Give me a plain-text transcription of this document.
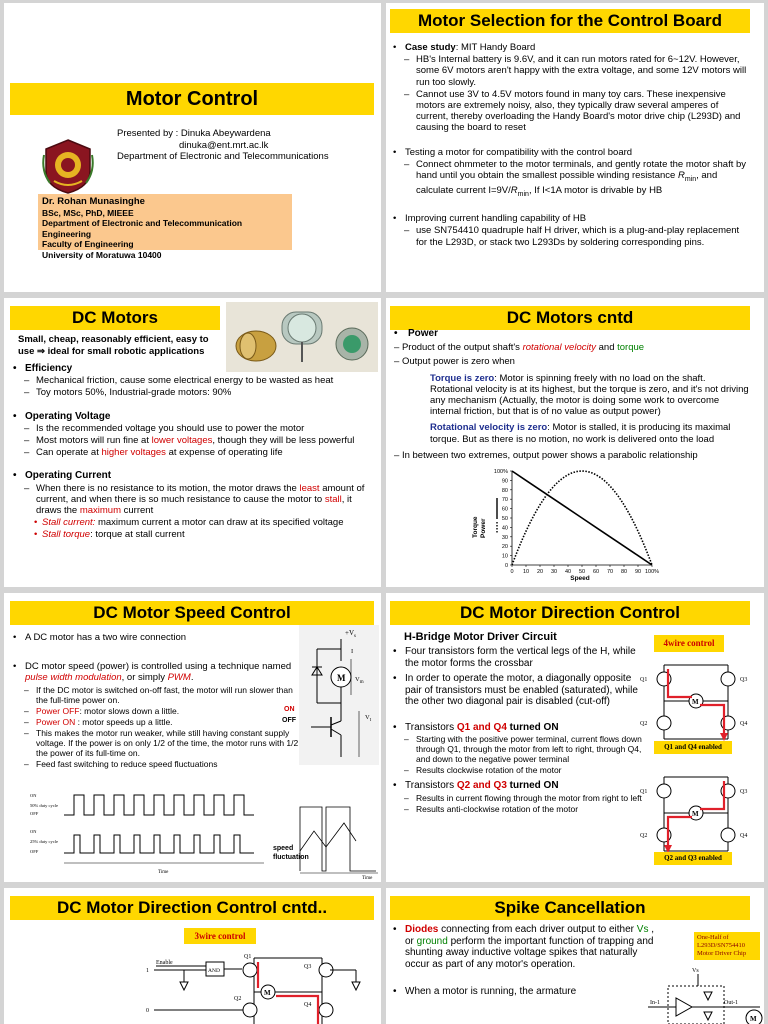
Motor Control
Presented by : Dinuka Abeywardena
dinuka@ent.mrt.ac.lk
Department of Electronic and Telecommunications
Dr. Rohan Munasinghe
BSc, MSc, PhD, MIEEE
Department of Electronic and Telecommunication Engineering
Faculty of Engineering
University of Moratuwa 10400
Motor Selection for the Control Board
• Case study: MIT Handy Board
– HB's Internal battery is 9.6V, and it can run motors rated for 6~12V. However, some 6V motors aren't happy with the extra voltage, and some 12V motors will run too slowly.
– Cannot use 3V to 4.5V motors found in many toy cars. These inexpensive motors are extremely noisy, also, they typically draw several amperes of current, thereby overloading the Handy Board's motor drive chip (L293D) and causing the board to reset
• Testing a motor for compatibility with the control board
– Connect ohmmeter to the motor terminals, and gently rotate the motor shaft by hand until you obtain the smallest possible winding resistance $R_{min}$, and calculate current $I=9V/R_{min}$, If I<1A motor is drivable by HB
• Improving current handling capability of HB
– use SN754410 quadruple half H driver, which is a plug-and-play replacement for the L293D, or stack two L293Ds by soldering corresponding pins.
DC Motors
Small, cheap, reasonably efficient, easy to
use ⇒ ideal for small robotic applications
• Efficiency
– Mechanical friction, cause some electrical energy to be wasted as heat
– Toy motors 50%, Industrial-grade motors: 90%
• Operating Voltage
– Is the recommended voltage you should use to power the motor
– Most motors will run fine at lower voltages, though they will be less powerful
– Can operate at higher voltages at expense of operating life
• Operating Current
– When there is no resistance to its motion, the motor draws the least amount of current, and when there is so much resistance to cause the motor to stall, it draws the maximum current
• Stall current: maximum current a motor can draw at its specified voltage
• Stall torque: torque at stall current
DC Motors cntd
• Power
– Product of the output shaft's rotational velocity and torque
– Output power is zero when
Torque is zero: Motor is spinning freely with no load on the shaft. Rotational velocity is at its highest, but the torque is zero, and it's not driving any mechanism (Actually, the motor is doing some work to overcome internal friction, but that is of no value as output power)
Rotational velocity is zero: Motor is stalled, it is producing its maximal torque. But as there is no motion, no work is delivered onto the load
– In between two extremes, output power shows a parabolic relationship
0
10
20
30
40
50
60
70
80
90
100%
0 10 20 30 40 50 60 70 80 90 100%
Torque Power
Speed
DC Motor Speed Control
• A DC motor has a two wire connection
• DC motor speed (power) is controlled using a technique named pulse width modulation, or simply PWM.
– If the DC motor is switched on-off fast, the motor will run slower than the full-time power on.
– Power OFF: motor slows down a little.
– Power ON : motor speeds up a little.
– This makes the motor run weaker, while still having constant supply voltage. If the power is on only 1/2 of the time, the motor runs with 1/2 the power of its full-time on.
– Feed fast switching to reduce speed fluctuations
$+V_s$
M $V_m$
I
$V_t$
ON
OFF
ON
OFF
50% duty cycle
ON
OFF
25% duty cycle
Time
Time
speed fluctuation
DC Motor Direction Control
H-Bridge Motor Driver Circuit
• Four transistors form the vertical legs of the H, while the motor forms the crossbar
• In order to operate the motor, a diagonally opposite pair of transistors must be enabled (saturated), while the other two diagonal pair is disabled (cut-off)
• Transistors Q1 and Q4 turned ON
– Starting with the positive power terminal, current flows down through Q1, through the motor from left to right, through Q4, and down to the negative power terminal
– Results clockwise rotation of the motor
• Transistors Q2 and Q3 turned ON
– Results in current flowing through the motor from right to left
– Results anti-clockwise rotation of the motor
4wire control
M
Q1	Q3
Q2	Q4
Q1 and Q4 enabled
M
Q1	Q3
Q2	Q4
Q2 and Q3 enabled
DC Motor Direction Control cntd..
3wire control
Enable
1	AND
Q1
Q3
Q2
Q4
M
0
Spike Cancellation
• Diodes connecting from each driver output to either Vs , or ground perform the important function of trapping and shunting away inductive voltage spikes that naturally occur as part of any motor's operation.
• When a motor is running, the armature
One-Half of L293D/SN754410 Motor Driver Chip
Vs
In-1	Out-1
M
